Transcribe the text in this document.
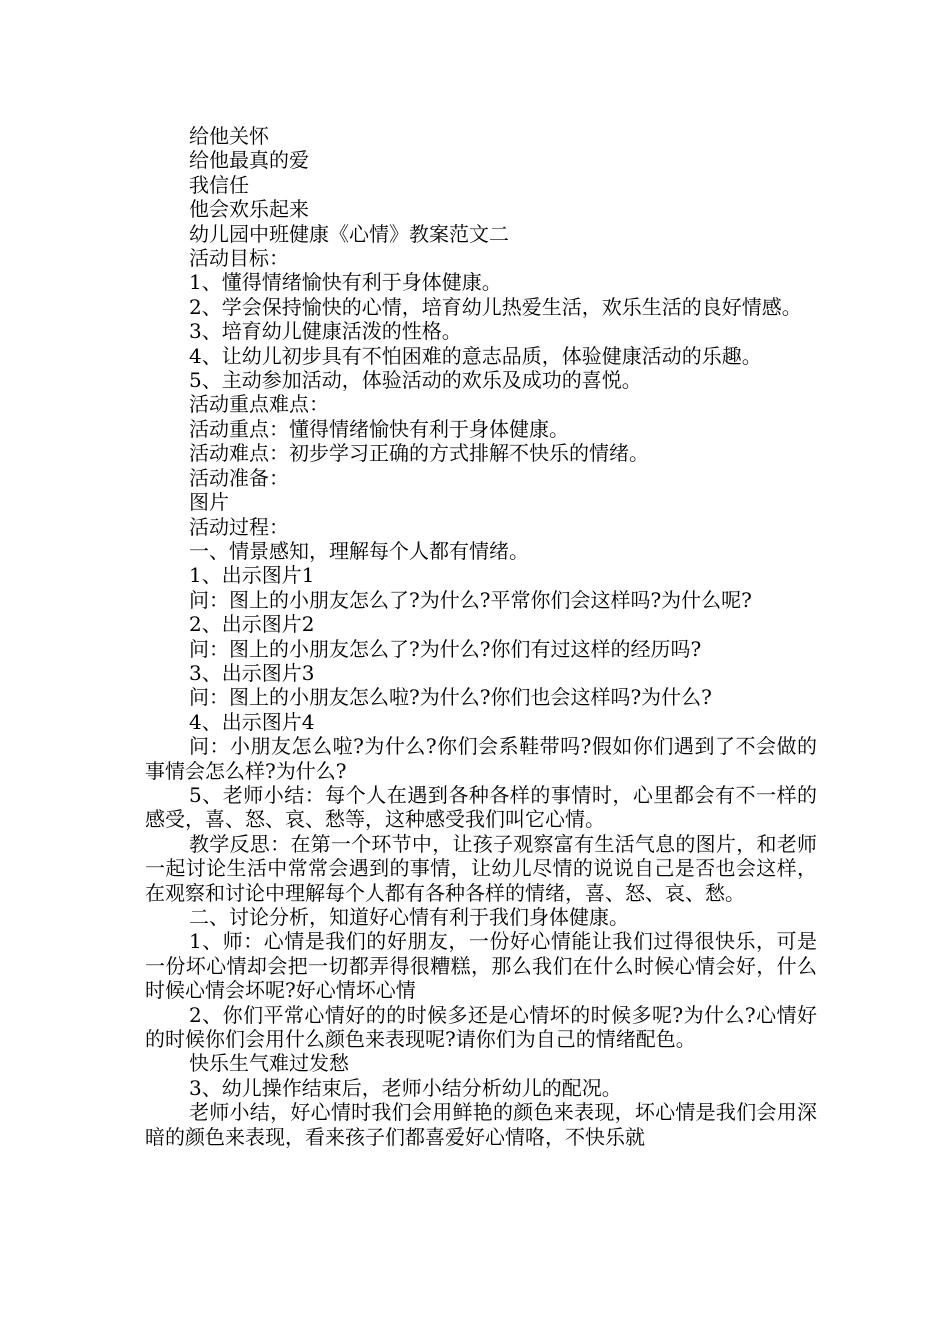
给他关怀

给他最真的爱

我信任

他会欢乐起来

幼儿园中班健康《心情》教案范文二

活动目标：

1、懂得情绪愉快有利于身体健康。

2、学会保持愉快的心情，培育幼儿热爱生活，欢乐生活的良好情感。

3、培育幼儿健康活泼的性格。

4、让幼儿初步具有不怕困难的意志品质，体验健康活动的乐趣。

5、主动参加活动，体验活动的欢乐及成功的喜悦。

活动重点难点：

活动重点：懂得情绪愉快有利于身体健康。

活动难点：初步学习正确的方式排解不快乐的情绪。

活动准备：

图片

活动过程：

一、情景感知，理解每个人都有情绪。

1、出示图片1

问：图上的小朋友怎么了?为什么?平常你们会这样吗?为什么呢?

2、出示图片2

问：图上的小朋友怎么了?为什么?你们有过这样的经历吗?

3、出示图片3

问：图上的小朋友怎么啦?为什么?你们也会这样吗?为什么?

4、出示图片4

问：小朋友怎么啦?为什么?你们会系鞋带吗?假如你们遇到了不会做的事情会怎么样?为什么?

5、老师小结：每个人在遇到各种各样的事情时，心里都会有不一样的感受，喜、怒、哀、愁等，这种感受我们叫它心情。

教学反思：在第一个环节中，让孩子观察富有生活气息的图片，和老师一起讨论生活中常常会遇到的事情，让幼儿尽情的说说自己是否也会这样，在观察和讨论中理解每个人都有各种各样的情绪，喜、怒、哀、愁。

二、讨论分析，知道好心情有利于我们身体健康。

1、师：心情是我们的好朋友，一份好心情能让我们过得很快乐，可是一份坏心情却会把一切都弄得很糟糕，那么我们在什么时候心情会好，什么时候心情会坏呢?好心情坏心情

2、你们平常心情好的的时候多还是心情坏的时候多呢?为什么?心情好的时候你们会用什么颜色来表现呢?请你们为自己的情绪配色。

快乐生气难过发愁

3、幼儿操作结束后，老师小结分析幼儿的配况。

老师小结，好心情时我们会用鲜艳的颜色来表现，坏心情是我们会用深暗的颜色来表现，看来孩子们都喜爱好心情咯，不快乐就
